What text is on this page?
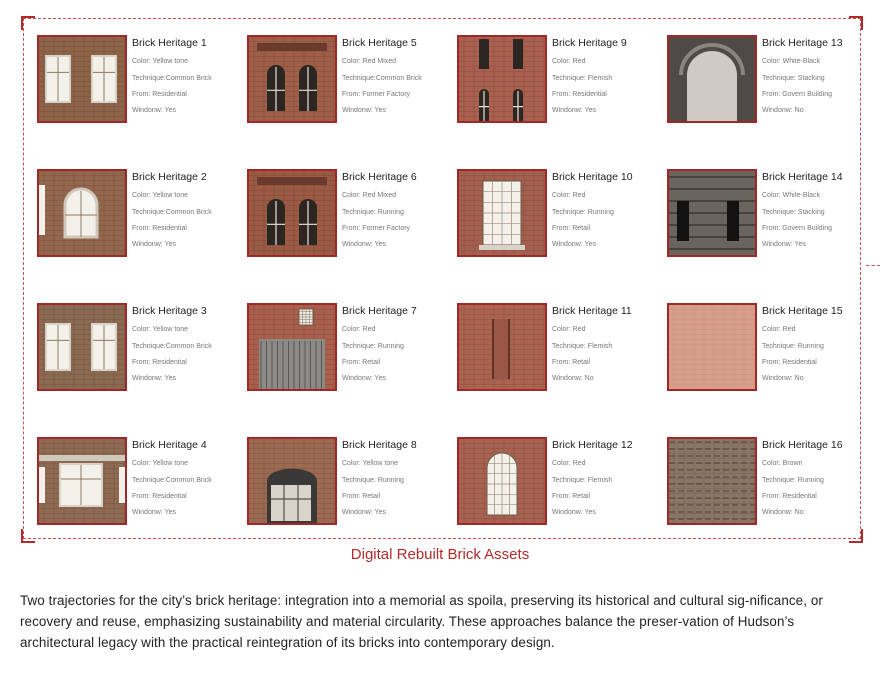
Brick Heritage 1
Color: Yellow tone
Technique:Common Brick
From: Residential
Windonw: Yes
Brick Heritage 2
Color: Yellow tone
Technique:Common Brick
From: Residential
Windonw: Yes
Brick Heritage 3
Color: Yellow tone
Technique:Common Brick
From: Residential
Windonw: Yes
Brick Heritage 4
Color: Yellow tone
Technique:Common Brick
From: Residential
Windonw: Yes
Brick Heritage 5
Color: Red Mixed
Technique:Common Brick
From: Former Factory
Windonw: Yes
Brick Heritage 6
Color: Red Mixed
Technique: Running
From: Former Factory
Windonw: Yes
Brick Heritage 7
Color: Red
Technique: Running
From: Retail
Windonw: Yes
Brick Heritage 8
Color: Yellow tone
Technique: Running
From: Retail
Windonw: Yes
Brick Heritage 9
Color: Red
Technique: Flemish
From: Residential
Windonw: Yes
Brick Heritage 10
Color: Red
Technique: Running
From: Retail
Windonw: Yes
Brick Heritage 11
Color: Red
Technique: Flemish
From: Retail
Windonw: No
Brick Heritage 12
Color: Red
Technique: Flemish
From: Retail
Windonw: Yes
Brick Heritage 13
Color: White-Black
Technique: Stacking
From: Govern Building
Windonw: No
Brick Heritage 14
Color: White-Black
Technique: Stacking
From: Govern Building
Windonw: Yes
Brick Heritage 15
Color: Red
Technique: Running
From: Residential
Windonw: No
Brick Heritage 16
Color: Brown
Technique: Running
From: Residential
Windonw: No
Digital Rebuilt Brick Assets
Two trajectories for the city’s brick heritage: integration into a memorial as spoila, preserving its historical and cultural sig-nificance, or recovery and reuse, emphasizing sustainability and material circularity. These approaches balance the preser-vation of Hudson’s architectural legacy with the practical reintegration of its bricks into contemporary design.
